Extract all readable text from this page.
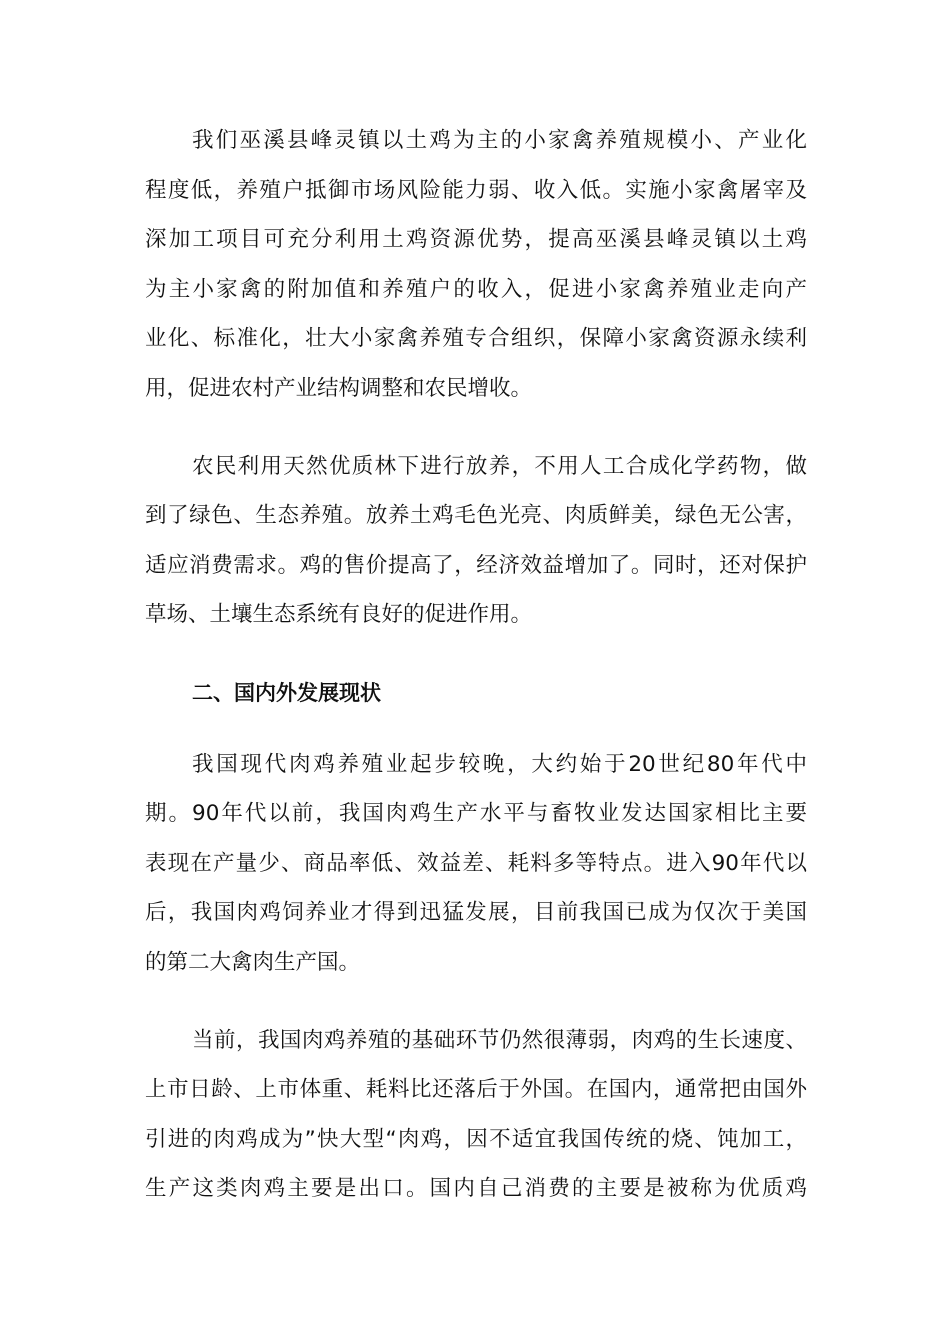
我们巫溪县峰灵镇以土鸡为主的小家禽养殖规模小、产业化
程度低，养殖户抵御市场风险能力弱、收入低。实施小家禽屠宰及
深加工项目可充分利用土鸡资源优势，提高巫溪县峰灵镇以土鸡
为主小家禽的附加值和养殖户的收入，促进小家禽养殖业走向产
业化、标准化，壮大小家禽养殖专合组织，保障小家禽资源永续利
用，促进农村产业结构调整和农民增收。
农民利用天然优质林下进行放养，不用人工合成化学药物，做
到了绿色、生态养殖。放养土鸡毛色光亮、肉质鲜美，绿色无公害，
适应消费需求。鸡的售价提高了，经济效益增加了。同时，还对保护
草场、土壤生态系统有良好的促进作用。
二、国内外发展现状
我国现代肉鸡养殖业起步较晚，大约始于20世纪80年代中
期。90年代以前，我国肉鸡生产水平与畜牧业发达国家相比主要
表现在产量少、商品率低、效益差、耗料多等特点。进入90年代以
后，我国肉鸡饲养业才得到迅猛发展，目前我国已成为仅次于美国
的第二大禽肉生产国。
当前，我国肉鸡养殖的基础环节仍然很薄弱，肉鸡的生长速度、
上市日龄、上市体重、耗料比还落后于外国。在国内，通常把由国外
引进的肉鸡成为”快大型“肉鸡，因不适宜我国传统的烧、饨加工，
生产这类肉鸡主要是出口。国内自己消费的主要是被称为优质鸡
